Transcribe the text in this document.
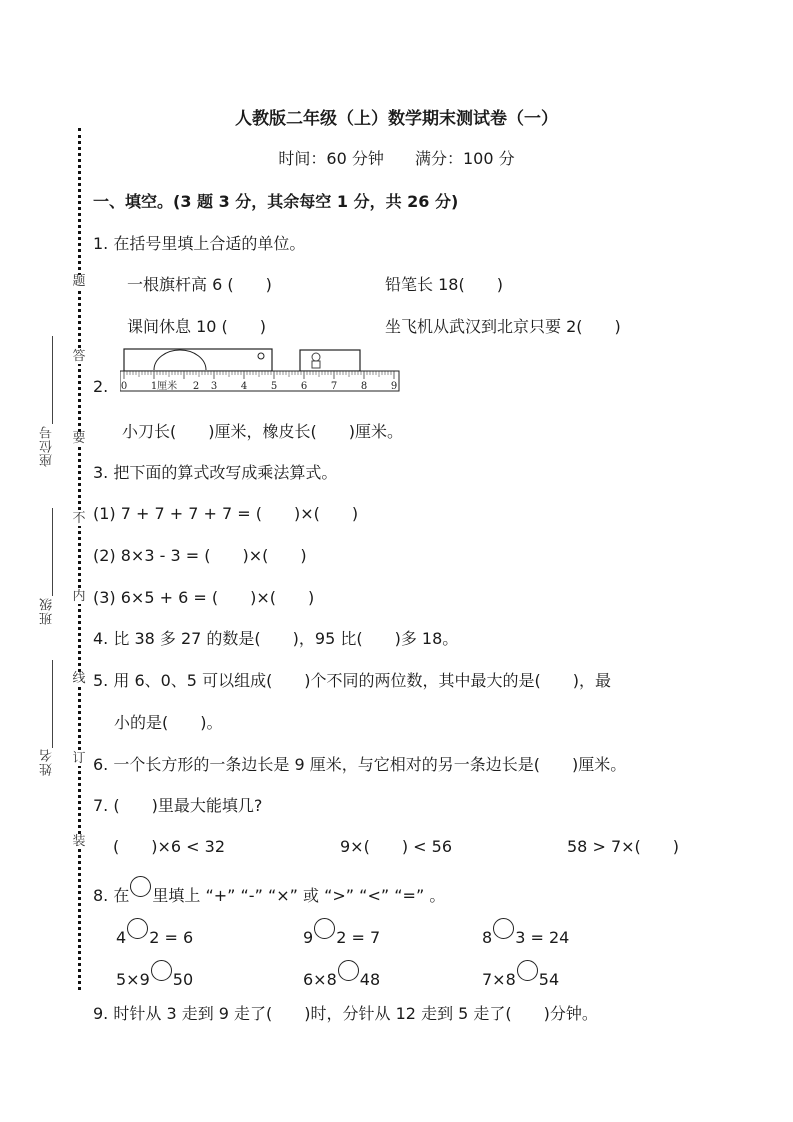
题
答
要
不
内
线
订
装
座位号
班级
姓名
人教版二年级（上）数学期末测试卷（一）
时间：60 分钟 满分：100 分
一、填空。(3 题 3 分，其余每空 1 分，共 26 分)
1. 在括号里填上合适的单位。
一根旗杆高 6 (　　)	铅笔长 18(　　)
课间休息 10 (　　)	坐飞机从武汉到北京只要 2(　　)
2. 0 1厘米	3
2	4 5 6 7 8 9
小刀长(　　)厘米，橡皮长(　　)厘米。
3. 把下面的算式改写成乘法算式。
(1) 7 + 7 + 7 + 7 = (　　)×(　　)
(2) 8×3 - 3 = (　　)×(　　)
(3) 6×5 + 6 = (　　)×(　　)
4. 比 38 多 27 的数是(　　)，95 比(　　)多 18。
5. 用 6、0、5 可以组成(　　)个不同的两位数，其中最大的是(　　)，最
小的是(　　)。
6. 一个长方形的一条边长是 9 厘米，与它相对的另一条边长是(　　)厘米。
7. (　　)里最大能填几?
(　　)×6 < 32	9×(　　) < 56	58 > 7×(　　)
8. 在 里填上 “+” “-” “×” 或 “>” “<” “=” 。
4 2 = 6	9 2 = 7	8 3 = 24
5×9 50	6×8 48	7×8 54
9. 时针从 3 走到 9 走了(　　)时，分针从 12 走到 5 走了(　　)分钟。
